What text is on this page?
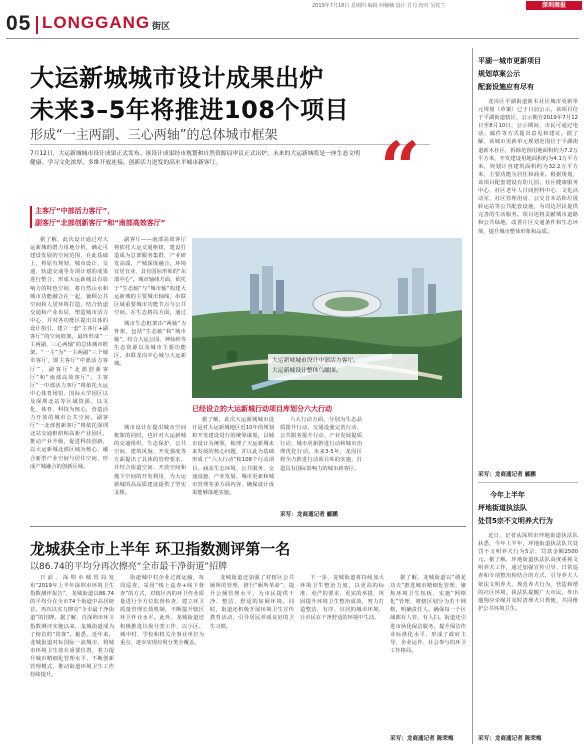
2019年7月18日 星期四 编辑 何楠楠 设计 廿丹 校对 吴钦兰	深圳商报
05 LONGGANG 街区
大运新城城市设计成果出炉
未来3–5年将推进108个项目
形成“一主两副、三心两轴”的总体城市框架
7月12日，大运新城城市设计成果正式发布。该设计成果经市规划和自然资源局审议正式出炉，未来的大运新城将是一座生态文明健康、学习文化浓厚、多维开放连接、创新活力迸发的高水平城市新客厅。	“
主客厅“中部活力客厅”，
副客厅“北部创新客厅”和“南部高效客厅”

据了解，此次设计通过对大运新城的潜力用地分析，确定可建设发展的空间范围，在此基础上，将原有规划、城市设计、交通、轨道交通等专项计划的成果进行整合，形成大运新城具有影响力的特色空间，将自然山水和城市功能融合在一起，兼顾公共空间和人居环境打造，结合轨道交通和产业布局，塑造城市活力中心，并对各功能区提出具体的设计指引，建立一套“主客厅+副客厅”的空间框架，最终形成“一主两副、三心两轴”的总体城市框架。“一主”为“一主两副”三个城市客厅，即主客厅“中部活力客厅”，副客厅“北部创新客厅”和“南部高效客厅”。主客厅“一中部活力客厅”将依托大运中心体育场馆、国际大学园区以及深圳北站等区域资源，以文化、体育、科技为核心，营造活力开放的城市公共空间。副客厅“一北部创新客厅”将依托深圳北站交通枢纽和高新产业园区，推动产业升级，促进科技创新，以大运新城北部区域为核心，融合新型产业空间与居住空间，形成产城融合的创新区域。

副客厅——南部高效客厅将依托大运交通枢纽，建设打造成为总部服务集群，产业研发高端，产城深度融合，环境宜居宜业，具有国际形象的“东部中心”。城市轴线方面，依托于“生态轴”与“城市轴”构建大运新城的主要城市轴线，串联区域重要城市功能节点与公共空间。在生态格局方面，通过

城市生态框架由“两轴”为骨架，包括“生态轴”和“城市轴”，结合大运公园、神仙岭等生态资源以及城市主要功能区，串联龙岗中心城与大运新城。

城市设计在提出城市空间框架的同时，也针对大运新城的交通组织、生态保护、公共空间、建筑风貌、开发强度等方面提出了具体的管控要求，并结合街道空间、开放空间和地下空间的开发利用，为大运新城的高品质建设提供了坚实支撑。

大运新城城市设计中部活力客厅。
大运新城设计整体鸟瞰图。
已经设立的大运新城行动项目库划分六大行动

据了解，此次大运新城城市设计是对大运新城地区近10年的规划和开发建设进行的统筹谋划，以城市设计为统领，梳理了大运新城未来发展的核心问题，并以此为基础形成了“六大行动”和108个行动项目，涵盖生态环境、公共服务、交通设施、产业发展、城市更新和城市管理等多方面内容，确保设计成果能够落地实施。

六大行动方面，分别为生态品质提升行动、交通设施完善行动、公共服务提升行动、产业发展提质行动、城市更新推进行动和城市治理优化行动。未来3-5年，龙岗区将全力推进行动项目库的实施，打造具有国际影响力的城市新客厅。

采写：龙商通记者 郦鹏
龙城获全市上半年 环卫指数测评第一名
以86.74的平均分再次擦亮“全市最干净街道”招牌

日前，深圳市城管局发布“2019年上半年深圳市环境卫生指数测评报告”，龙城街道以86.74的平均分在全市74个街道中高居榜首，再次以实力擦亮“全市最干净街道”的招牌。据了解，自深圳市环卫指数测评实施以来，龙城街道成为了榜首的“常客”。据悉，近年来，龙城街道对标国际一流城市，将城市环境卫生放在重要位置，着力提升城市精细化管理水平，不断创新管理模式，推动街道环境卫生工作持续提升。

街道城中村企业过渡运输，每周巡查，采用“线上巡查+线下督查”的方式，对辖区内的环卫作业质量进行全方位监督检查，建立环卫质量管理长效机制，不断提升辖区环卫作业水平。此外，龙城街道还积极推进垃圾分类工作，以小区、城中村、学校和机关企事业单位为重点，逐步实现垃圾分类全覆盖。

龙城街道还加强了对辖区公共厕所的管理，推行“厕所革命”，提升公厕管理水平，为市民提供干净、整洁、舒适的如厕环境。同时，街道还积极开展环境卫生宣传教育活动，引导居民养成良好的卫生习惯。

下一步，龙城街道将持续加大环境卫生整治力度，以更高的标准、更严的要求、更实的举措，巩固提升环境卫生整治成效，努力打造整洁、有序、宜居的城市环境，让市民在干净舒适的环境中生活。

据了解，龙城街道以“绣花功夫”推进城市精细化管理，聚焦环境卫生短板，实施“网格化”管理，将辖区划分为若干网格，明确责任人，确保每一个区域都有人管、有人扫。街道还引进市场化保洁服务，提升保洁作业标准化水平，形成了政府主导、企业运作、社会参与的环卫工作格局。

采写：龙商通记者 陈荣梅
平湖一城市更新项目
规划草案公示
配套设施应有尽有

龙岗区平湖街道新木社区城市更新单元规划（草案）已于日前公示。该项目位于平湖街道辖区，公示期自2019年7月12日至8月10日，公示期间，市民可通过电话、邮件等方式提出意见和建议。据了解，该城市更新单元规划范围位于平湖街道新木社区，拆除范围用地面积约为7.2万平方米，开发建设用地面积约为4.1万平方米，规划计容建筑面积约为32.2万平方米，主要功能为居住和商业。根据规划，该项目配套建设有幼儿园、社区健康服务中心、社区老年人日间照料中心、文化活动室、社区管理用房、公交首末站和垃圾转运站等公共配套设施，为周边居民提供完善的生活服务。项目还将贡献城市道路和公共绿地，改善片区交通条件和生态环境，提升城市整体形象和品质。

采写：龙商通记者 郦鹏
今年上半年
坪地街道执法队
处罚5宗不文明养犬行为

近日，记者从深圳市坪地街道执法队获悉，今年上半年，坪地街道执法队共处罚不文明养犬行为5宗，罚款金额2500元。据了解，坪地街道执法队高度重视文明养犬工作，通过加强宣传引导、日常巡查和专项整治相结合的方式，引导养犬人依法文明养犬，规范养犬行为，营造和谐的社区环境。执法队提醒广大市民，外出遛狗应牵绳并及时清理犬只粪便，共同维护公共环境卫生。

采写：龙商通记者 陈荣梅
